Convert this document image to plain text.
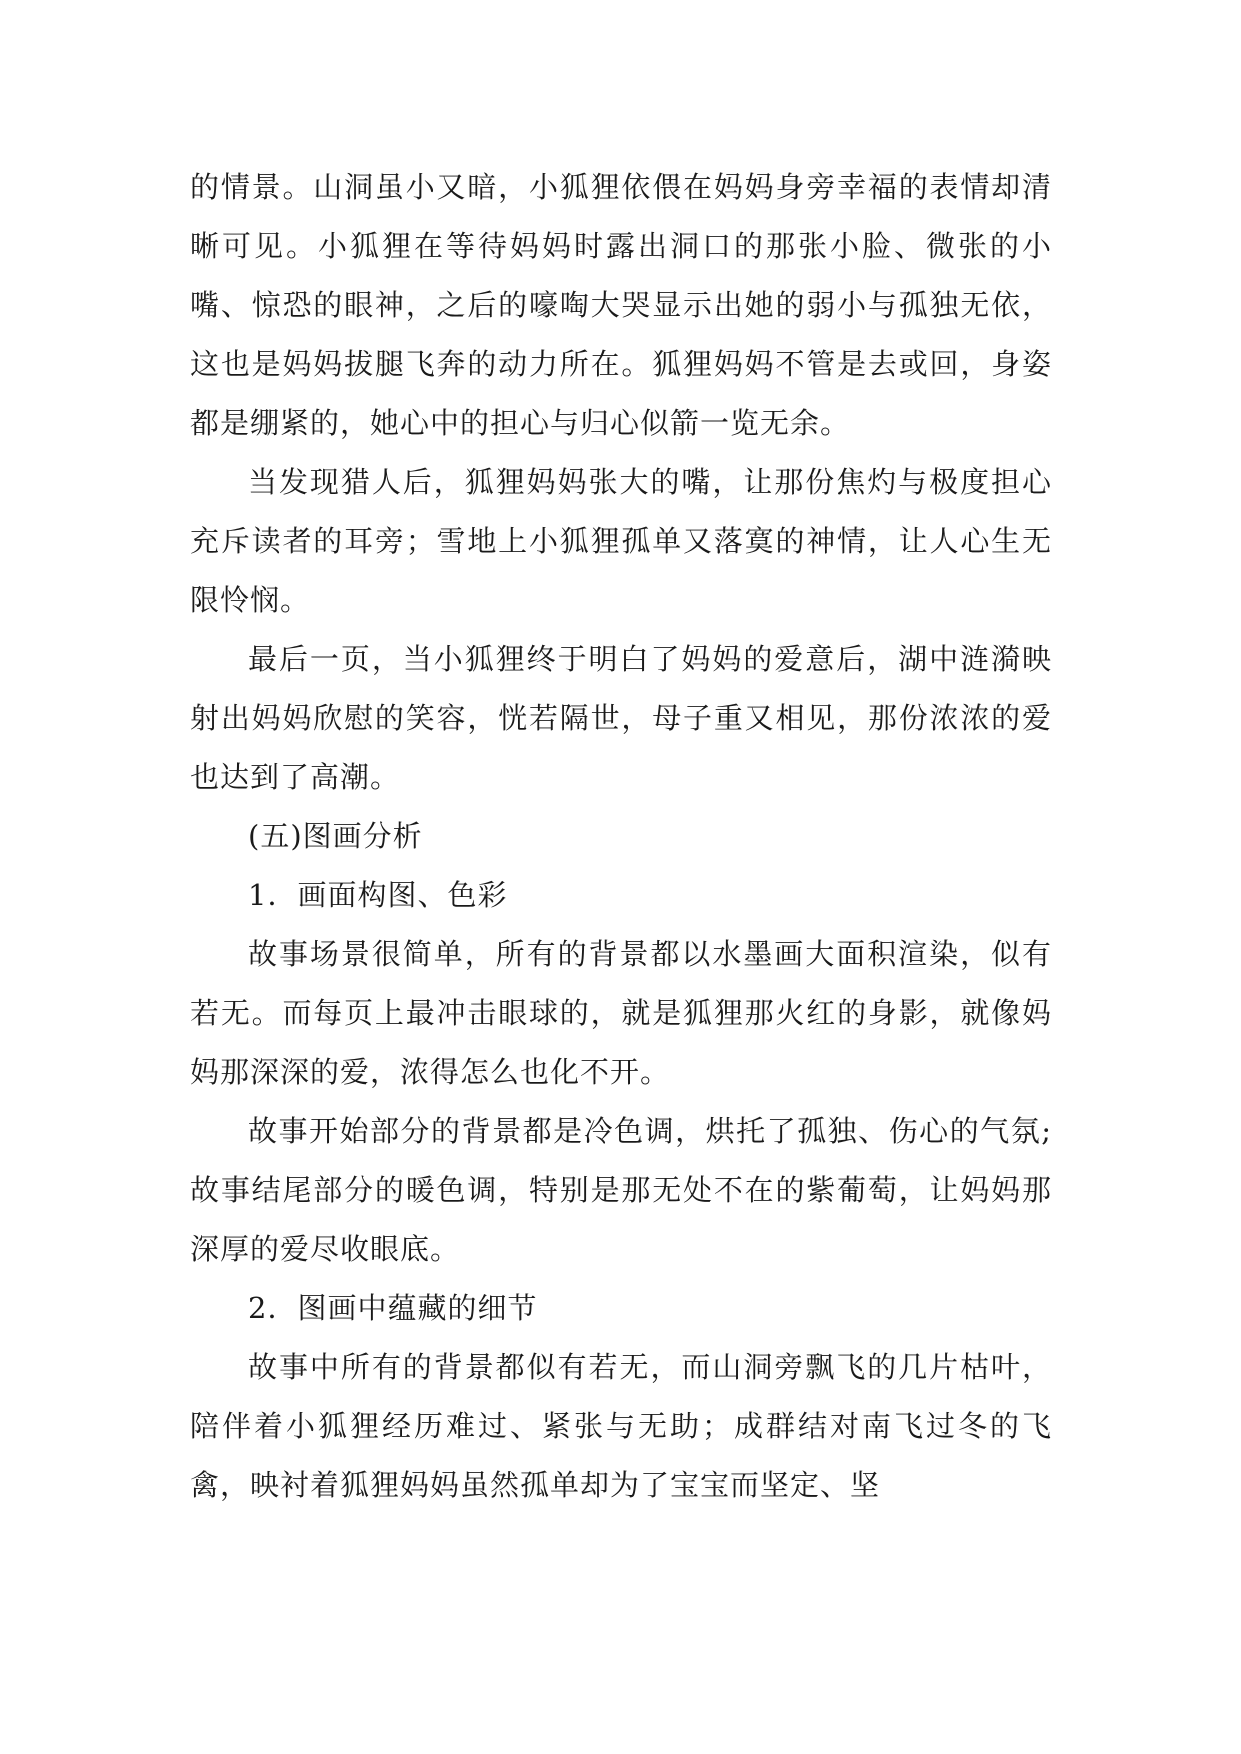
的情景。山洞虽小又暗，小狐狸依偎在妈妈身旁幸福的表情却清晰可见。小狐狸在等待妈妈时露出洞口的那张小脸、微张的小嘴、惊恐的眼神，之后的嚎啕大哭显示出她的弱小与孤独无依，这也是妈妈拔腿飞奔的动力所在。狐狸妈妈不管是去或回，身姿都是绷紧的，她心中的担心与归心似箭一览无余。

当发现猎人后，狐狸妈妈张大的嘴，让那份焦灼与极度担心充斥读者的耳旁；雪地上小狐狸孤单又落寞的神情，让人心生无限怜悯。

最后一页，当小狐狸终于明白了妈妈的爱意后，湖中涟漪映射出妈妈欣慰的笑容，恍若隔世，母子重又相见，那份浓浓的爱也达到了高潮。

(五)图画分析

1．画面构图、色彩

故事场景很简单，所有的背景都以水墨画大面积渲染，似有若无。而每页上最冲击眼球的，就是狐狸那火红的身影，就像妈妈那深深的爱，浓得怎么也化不开。

故事开始部分的背景都是冷色调，烘托了孤独、伤心的气氛;故事结尾部分的暖色调，特别是那无处不在的紫葡萄，让妈妈那深厚的爱尽收眼底。

2．图画中蕴藏的细节

故事中所有的背景都似有若无，而山洞旁飘飞的几片枯叶，陪伴着小狐狸经历难过、紧张与无助；成群结对南飞过冬的飞禽，映衬着狐狸妈妈虽然孤单却为了宝宝而坚定、坚
